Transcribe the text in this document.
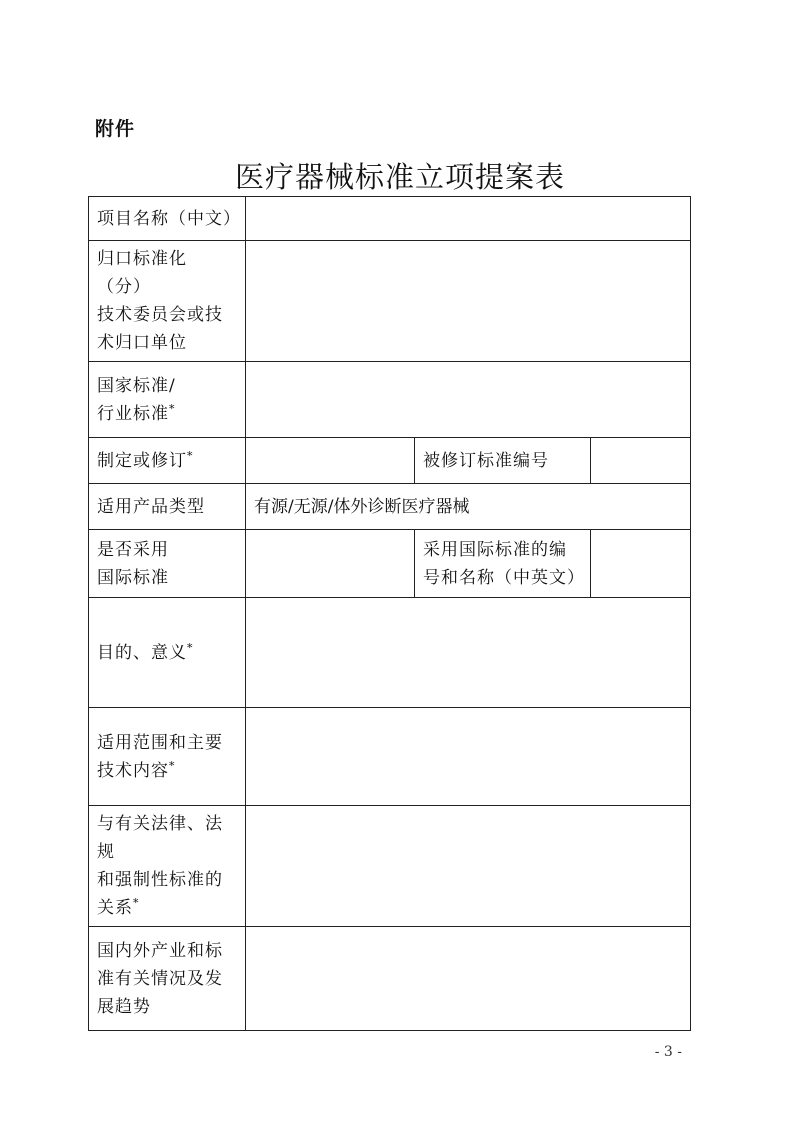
附件
医疗器械标准立项提案表
项目名称（中文）			
归口标准化（分）
技术委员会或技
术归口单位			
国家标准/
行业标准*	
制定或修订*		被修订标准编号	
适用产品类型	有源/无源/体外诊断医疗器械		
是否采用
国际标准		采用国际标准的编
号和名称（中英文）	
目的、意义*	
适用范围和主要
技术内容*	
与有关法律、法规
和强制性标准的
关系*	
国内外产业和标
准有关情况及发
展趋势			
- 3 -
